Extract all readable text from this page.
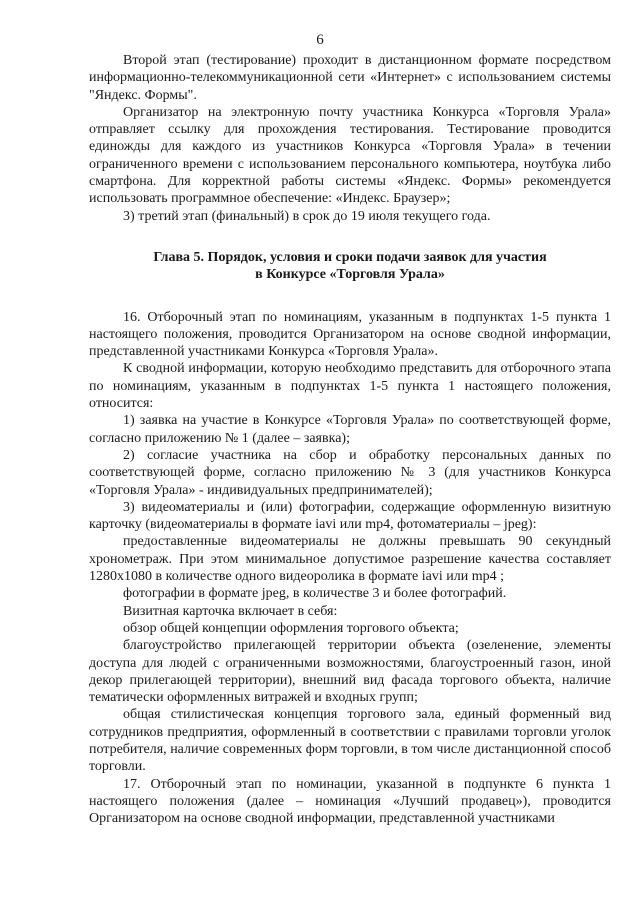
6

Второй этап (тестирование) проходит в дистанционном формате посредством информационно-телекоммуникационной сети «Интернет» с использованием системы "Яндекс. Формы".

Организатор на электронную почту участника Конкурса «Торговля Урала» отправляет ссылку для прохождения тестирования. Тестирование проводится единожды для каждого из участников Конкурса «Торговля Урала» в течении ограниченного времени с использованием персонального компьютера, ноутбука либо смартфона. Для корректной работы системы «Яндекс. Формы» рекомендуется использовать программное обеспечение: «Индекс. Браузер»;

3) третий этап (финальный) в срок до 19 июля текущего года.

Глава 5. Порядок, условия и сроки подачи заявок для участия
в Конкурсе «Торговля Урала»

16. Отборочный этап по номинациям, указанным в подпунктах 1-5 пункта 1 настоящего положения, проводится Организатором на основе сводной информации, представленной участниками Конкурса «Торговля Урала».

К сводной информации, которую необходимо представить для отборочного этапа по номинациям, указанным в подпунктах 1-5 пункта 1 настоящего положения, относится:

1) заявка на участие в Конкурсе «Торговля Урала» по соответствующей форме, согласно приложению № 1 (далее – заявка);

2) согласие участника на сбор и обработку персональных данных по соответствующей форме, согласно приложению № 3 (для участников Конкурса «Торговля Урала» - индивидуальных предпринимателей);

3) видеоматериалы и (или) фотографии, содержащие оформленную визитную карточку (видеоматериалы в формате iavi или mp4, фотоматериалы – jpeg):

предоставленные видеоматериалы не должны превышать 90 секундный хронометраж. При этом минимальное допустимое разрешение качества составляет 1280х1080 в количестве одного видеоролика в формате iavi или mp4 ;

фотографии в формате jpeg, в количестве 3 и более фотографий.

Визитная карточка включает в себя:

обзор общей концепции оформления торгового объекта;

благоустройство прилегающей территории объекта (озеленение, элементы доступа для людей с ограниченными возможностями, благоустроенный газон, иной декор прилегающей территории), внешний вид фасада торгового объекта, наличие тематически оформленных витражей и входных групп;

общая стилистическая концепция торгового зала, единый форменный вид сотрудников предприятия, оформленный в соответствии с правилами торговли уголок потребителя, наличие современных форм торговли, в том числе дистанционной способ торговли.

17. Отборочный этап по номинации, указанной в подпункте 6 пункта 1 настоящего положения (далее – номинация «Лучший продавец»), проводится Организатором на основе сводной информации, представленной участниками
